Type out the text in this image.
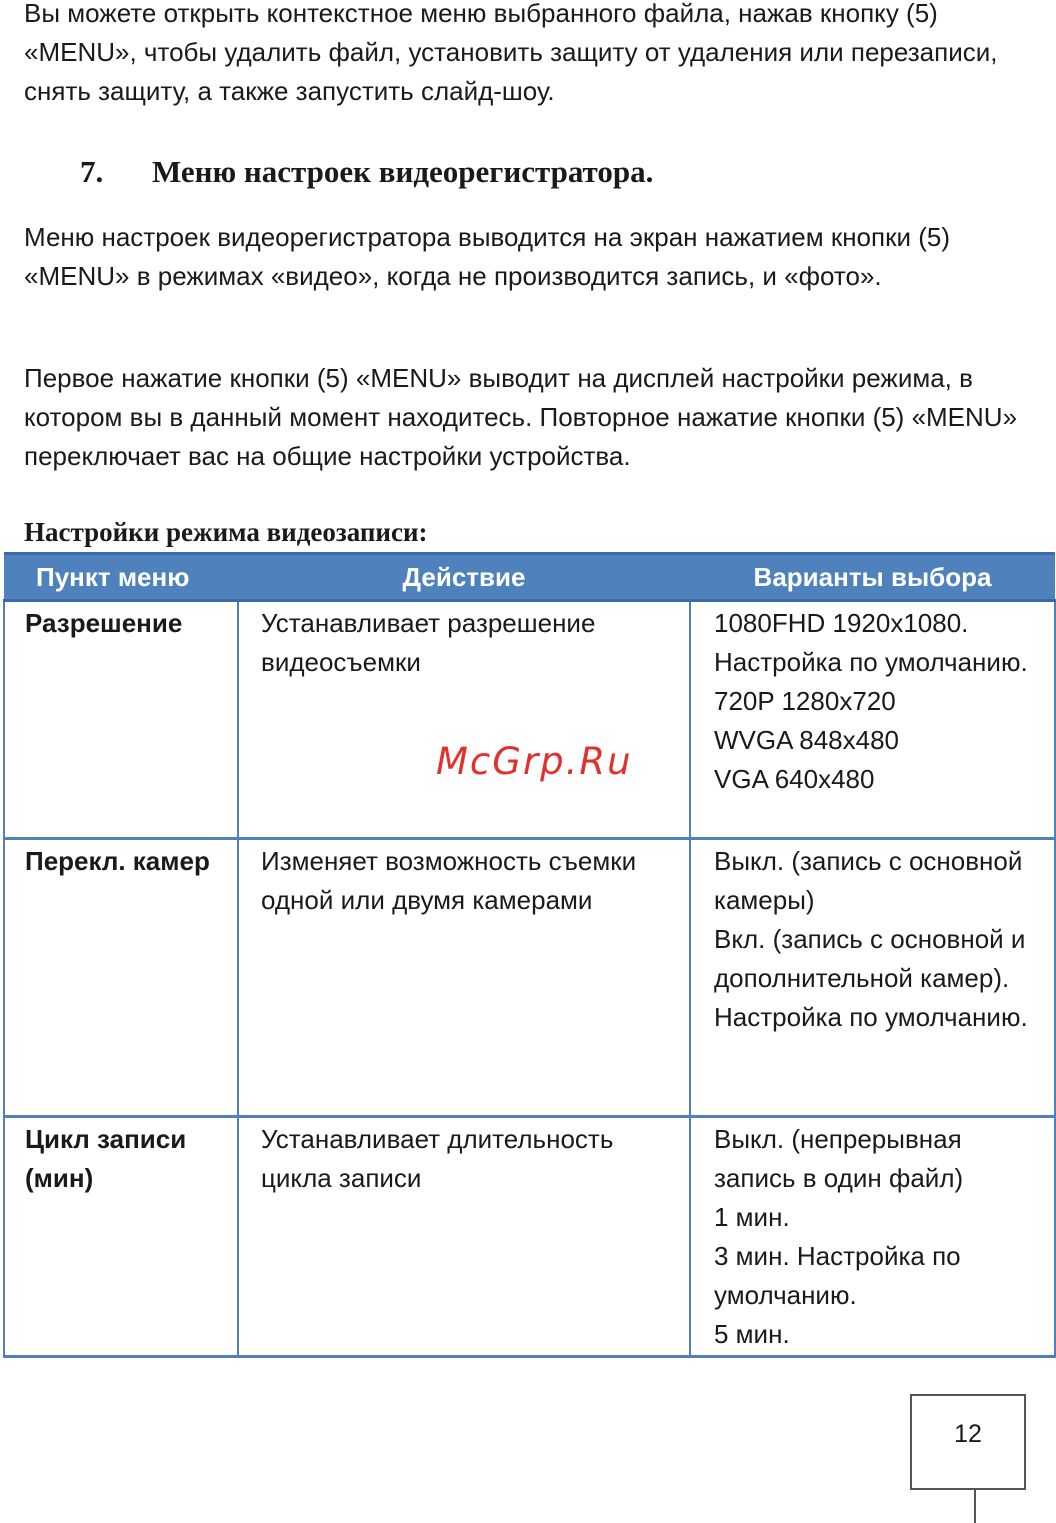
Вы можете открыть контекстное меню выбранного файла, нажав кнопку (5) «MENU», чтобы удалить файл, установить защиту от удаления или перезаписи, снять защиту, а также запустить слайд-шоу.

7. Меню настроек видеорегистратора.

Меню настроек видеорегистратора выводится на экран нажатием кнопки (5) «MENU» в режимах «видео», когда не производится запись, и «фото».

Первое нажатие кнопки (5) «MENU» выводит на дисплей настройки режима, в котором вы в данный момент находитесь. Повторное нажатие кнопки (5) «MENU» переключает вас на общие настройки устройства.

Настройки режима видеозаписи:
Пункт меню	Действие	Варианты выбора
Разрешение	Устанавливает разрешение видеосъемки	1080FHD 1920x1080.
Настройка по умолчанию.
720P 1280x720
WVGA 848x480
VGA 640x480

Перекл. камер	Изменяет возможность съемки одной или двумя камерами	Выкл. (запись с основной камеры)
Вкл. (запись с основной и дополнительной камер). Настройка по умолчанию.

Цикл записи (мин)	Устанавливает длительность цикла записи	Выкл. (непрерывная запись в один файл)
1 мин.
3 мин. Настройка по умолчанию.
5 мин.
McGrp.Ru
12
